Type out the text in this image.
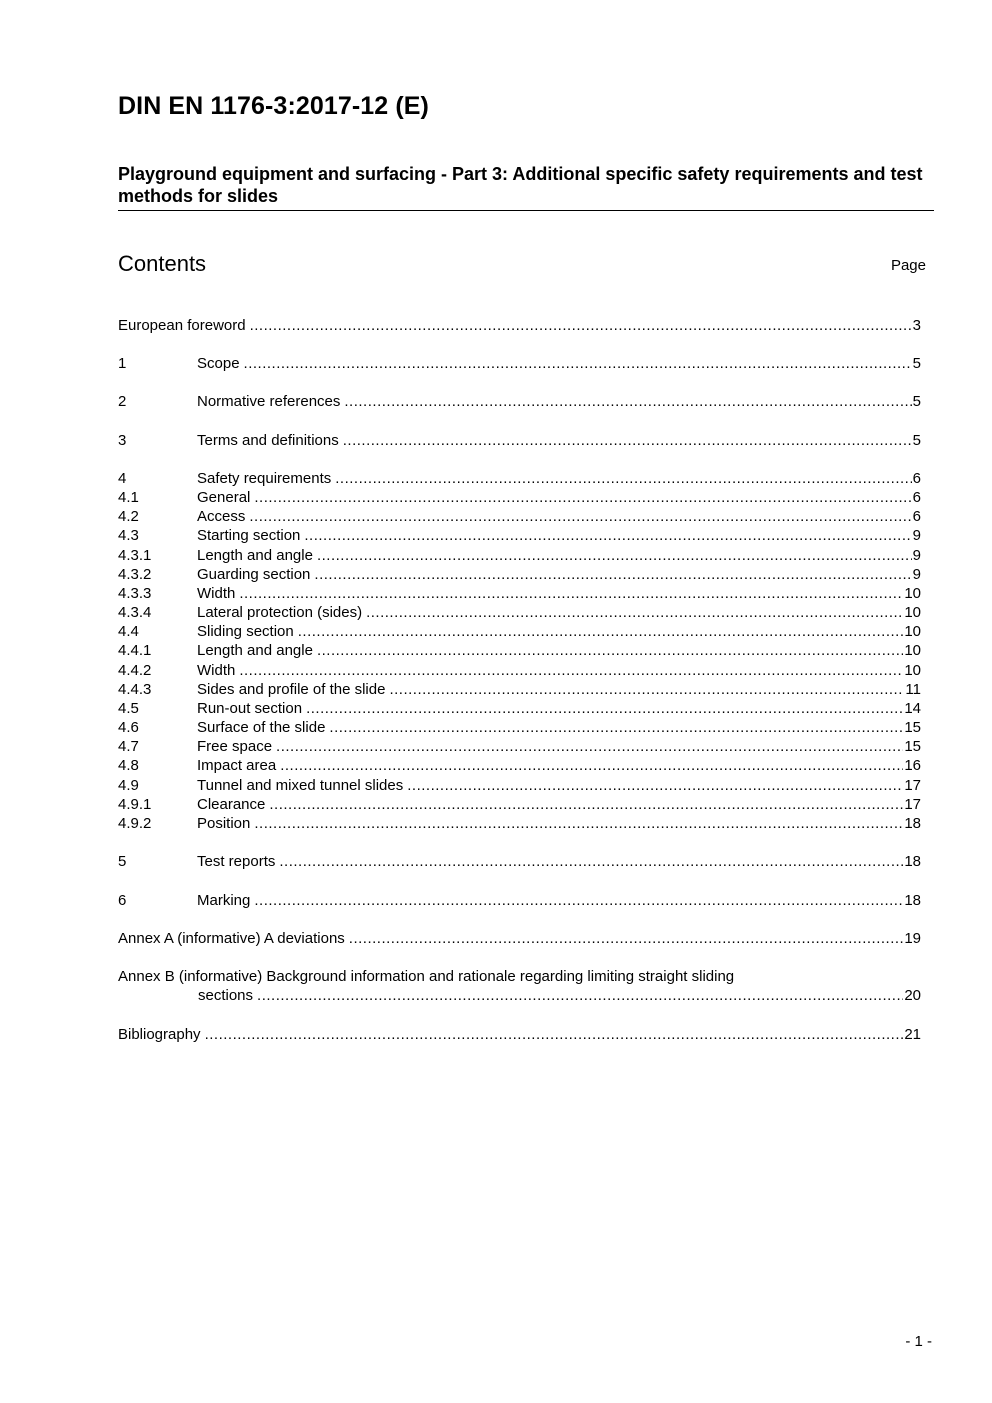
DIN EN 1176-3:2017-12 (E)
Playground equipment and surfacing - Part 3: Additional specific safety requirements and test methods for slides
Contents	Page
European foreword .....	3
1	Scope .....	5
2	Normative references .....	5
3	Terms and definitions .....	5
4	Safety requirements .....	6
4.1	General .....	6
4.2	Access .....	6
4.3	Starting section .....	9
4.3.1	Length and angle .....	9
4.3.2	Guarding section .....	9
4.3.3	Width .....	10
4.3.4	Lateral protection (sides) .....	10
4.4	Sliding section .....	10
4.4.1	Length and angle .....	10
4.4.2	Width .....	10
4.4.3	Sides and profile of the slide .....	11
4.5	Run-out section .....	14
4.6	Surface of the slide .....	15
4.7	Free space .....	15
4.8	Impact area .....	16
4.9	Tunnel and mixed tunnel slides .....	17
4.9.1	Clearance .....	17
4.9.2	Position .....	18
5	Test reports .....	18
6	Marking .....	18
Annex A (informative) A deviations .....	19
Annex B (informative) Background information and rationale regarding limiting straight sliding
sections .....	20
Bibliography .....	21
- 1 -
